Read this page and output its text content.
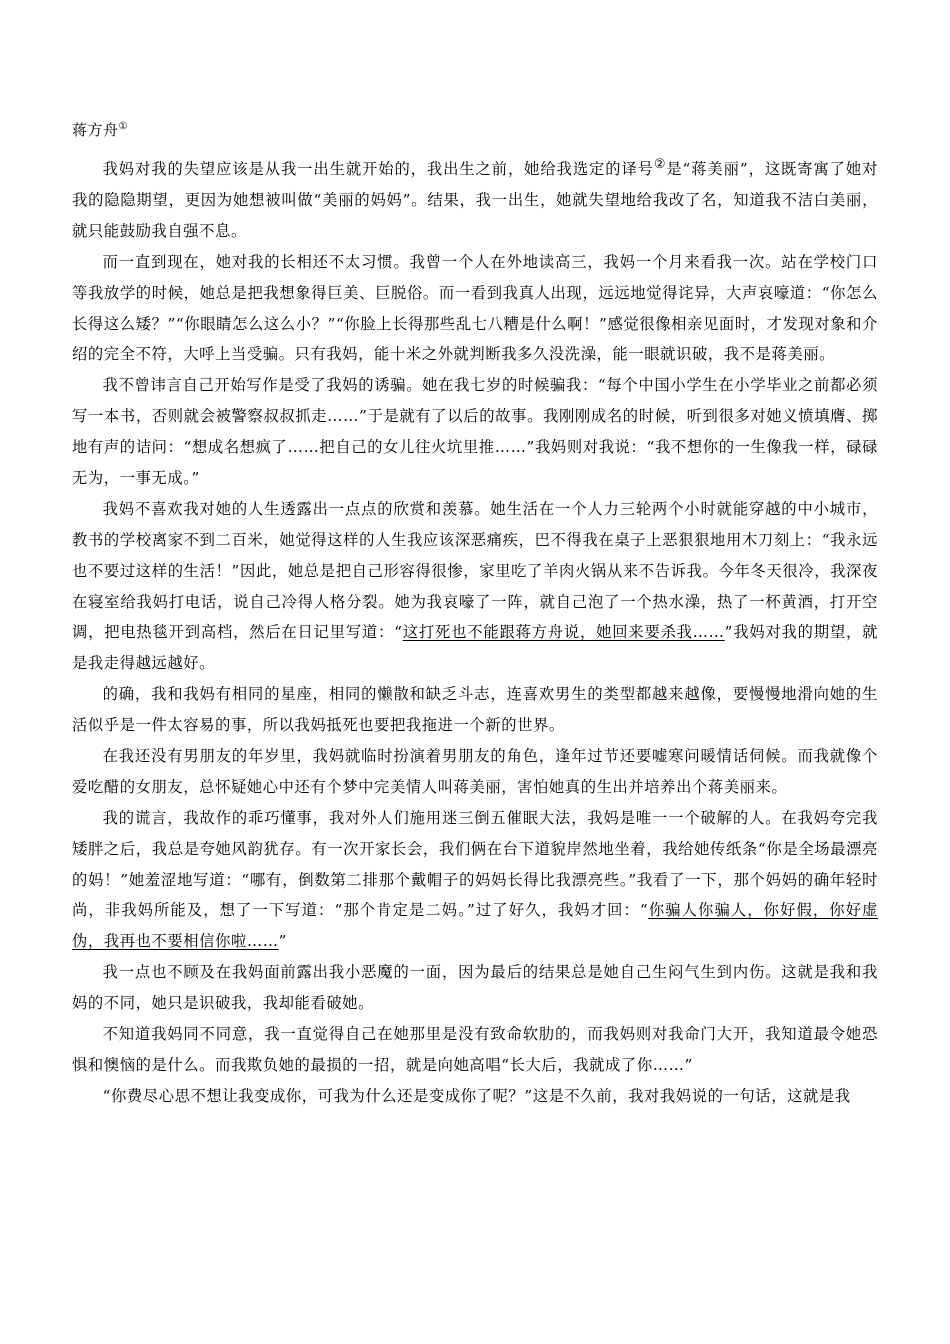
蒋方舟①

我妈对我的失望应该是从我一出生就开始的，我出生之前，她给我选定的译号②是“蒋美丽”，这既寄寓了她对我的隐隐期望，更因为她想被叫做“美丽的妈妈”。结果，我一出生，她就失望地给我改了名，知道我不洁白美丽，就只能鼓励我自强不息。

而一直到现在，她对我的长相还不太习惯。我曾一个人在外地读高三，我妈一个月来看我一次。站在学校门口等我放学的时候，她总是把我想象得巨美、巨脱俗。而一看到我真人出现，远远地觉得诧异，大声哀嚎道：“你怎么长得这么矮？”“你眼睛怎么这么小？”“你脸上长得那些乱七八糟是什么啊！”感觉很像相亲见面时，才发现对象和介绍的完全不符，大呼上当受骗。只有我妈，能十米之外就判断我多久没洗澡，能一眼就识破，我不是蒋美丽。

我不曾讳言自己开始写作是受了我妈的诱骗。她在我七岁的时候骗我：“每个中国小学生在小学毕业之前都必须写一本书，否则就会被警察叔叔抓走……”于是就有了以后的故事。我刚刚成名的时候，听到很多对她义愤填膺、掷地有声的诘问：“想成名想疯了……把自己的女儿往火坑里推……”我妈则对我说：“我不想你的一生像我一样，碌碌无为，一事无成。”

我妈不喜欢我对她的人生透露出一点点的欣赏和羡慕。她生活在一个人力三轮两个小时就能穿越的中小城市，教书的学校离家不到二百米，她觉得这样的人生我应该深恶痛疾，巴不得我在桌子上恶狠狠地用木刀刻上：“我永远也不要过这样的生活！”因此，她总是把自己形容得很惨，家里吃了羊肉火锅从来不告诉我。今年冬天很冷，我深夜在寝室给我妈打电话，说自己冷得人格分裂。她为我哀嚎了一阵，就自己泡了一个热水澡，热了一杯黄酒，打开空调，把电热毯开到高档，然后在日记里写道：“这打死也不能跟蒋方舟说，她回来要杀我……”我妈对我的期望，就是我走得越远越好。

的确，我和我妈有相同的星座，相同的懒散和缺乏斗志，连喜欢男生的类型都越来越像，要慢慢地滑向她的生活似乎是一件太容易的事，所以我妈抵死也要把我拖进一个新的世界。

在我还没有男朋友的年岁里，我妈就临时扮演着男朋友的角色，逢年过节还要嘘寒问暖情话伺候。而我就像个爱吃醋的女朋友，总怀疑她心中还有个梦中完美情人叫蒋美丽，害怕她真的生出并培养出个蒋美丽来。

我的谎言，我故作的乖巧懂事，我对外人们施用迷三倒五催眠大法，我妈是唯一一个破解的人。在我妈夸完我矮胖之后，我总是夸她风韵犹存。有一次开家长会，我们俩在台下道貌岸然地坐着，我给她传纸条“你是全场最漂亮的妈！”她羞涩地写道：“哪有，倒数第二排那个戴帽子的妈妈长得比我漂亮些。”我看了一下，那个妈妈的确年轻时尚，非我妈所能及，想了一下写道：“那个肯定是二妈。”过了好久，我妈才回：“你骗人你骗人，你好假，你好虚伪，我再也不要相信你啦……”

我一点也不顾及在我妈面前露出我小恶魔的一面，因为最后的结果总是她自己生闷气生到内伤。这就是我和我妈的不同，她只是识破我，我却能看破她。

不知道我妈同不同意，我一直觉得自己在她那里是没有致命软肋的，而我妈则对我命门大开，我知道最令她恐惧和懊恼的是什么。而我欺负她的最损的一招，就是向她高唱“长大后，我就成了你……”

“你费尽心思不想让我变成你，可我为什么还是变成你了呢？”这是不久前，我对我妈说的一句话，这就是我
